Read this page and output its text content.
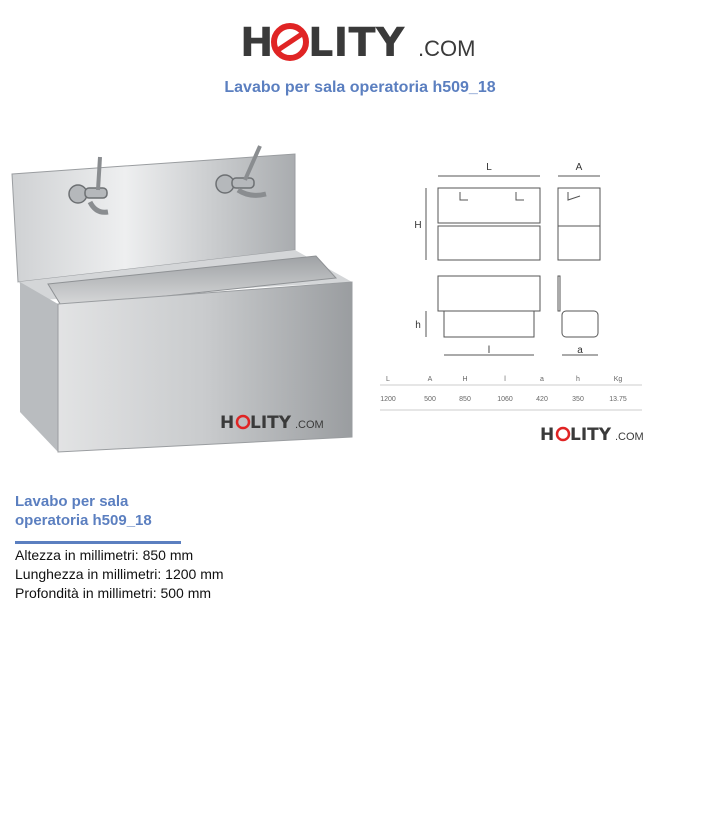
H LITY .COM
Lavabo per sala operatoria h509_18
H LITY .COM
L	A
H
h
l	a
L	A	H	l	a	h	Kg
1200	500	850	1060	420	350	13.75
H LITY .COM
Lavabo per sala
operatoria h509_18
Altezza in millimetri: 850 mm
Lunghezza in millimetri: 1200 mm
Profondità in millimetri: 500 mm
